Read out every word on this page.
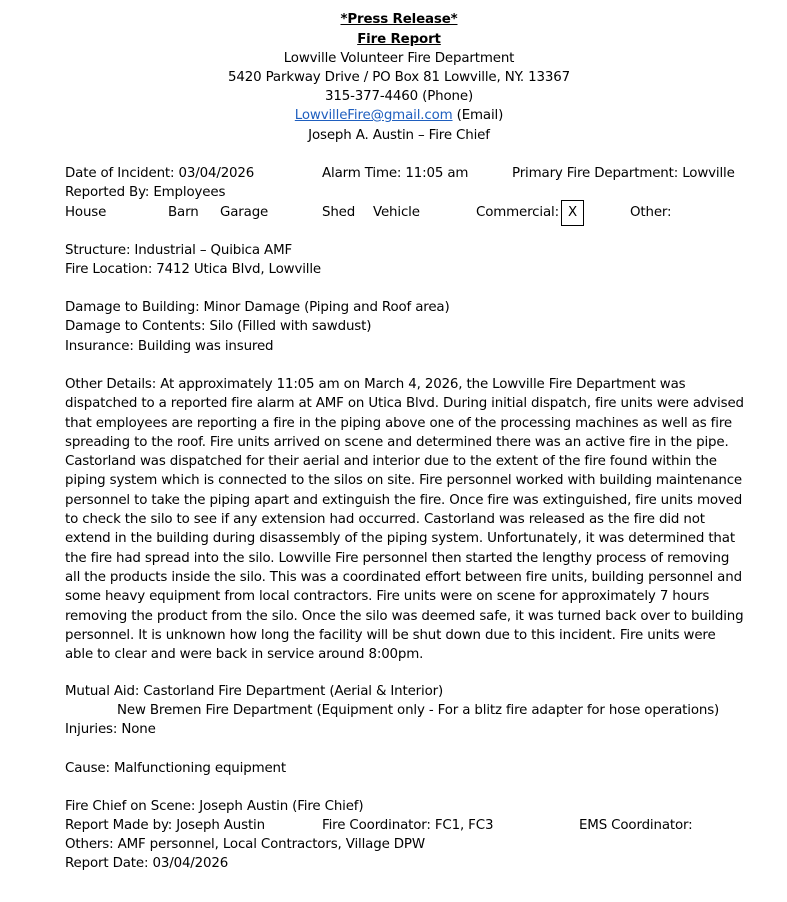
*Press Release*
Fire Report
Lowville Volunteer Fire Department
5420 Parkway Drive / PO Box 81 Lowville, NY. 13367
315-377-4460 (Phone)
LowvilleFire@gmail.com (Email)
Joseph A. Austin – Fire Chief
Date of Incident: 03/04/2026	Alarm Time: 11:05 am	Primary Fire Department: Lowville
Reported By: Employees
House	Barn Garage	Shed Vehicle	Commercial: X	Other:
Structure: Industrial – Quibica AMF
Fire Location: 7412 Utica Blvd, Lowville
Damage to Building: Minor Damage (Piping and Roof area)
Damage to Contents: Silo (Filled with sawdust)
Insurance: Building was insured
Other Details: At approximately 11:05 am on March 4, 2026, the Lowville Fire Department was
dispatched to a reported fire alarm at AMF on Utica Blvd. During initial dispatch, fire units were advised
that employees are reporting a fire in the piping above one of the processing machines as well as fire
spreading to the roof. Fire units arrived on scene and determined there was an active fire in the pipe.
Castorland was dispatched for their aerial and interior due to the extent of the fire found within the
piping system which is connected to the silos on site. Fire personnel worked with building maintenance
personnel to take the piping apart and extinguish the fire. Once fire was extinguished, fire units moved
to check the silo to see if any extension had occurred. Castorland was released as the fire did not
extend in the building during disassembly of the piping system. Unfortunately, it was determined that
the fire had spread into the silo. Lowville Fire personnel then started the lengthy process of removing
all the products inside the silo. This was a coordinated effort between fire units, building personnel and
some heavy equipment from local contractors. Fire units were on scene for approximately 7 hours
removing the product from the silo. Once the silo was deemed safe, it was turned back over to building
personnel. It is unknown how long the facility will be shut down due to this incident. Fire units were
able to clear and were back in service around 8:00pm.
Mutual Aid: Castorland Fire Department (Aerial & Interior)
New Bremen Fire Department (Equipment only - For a blitz fire adapter for hose operations)
Injuries: None
Cause: Malfunctioning equipment
Fire Chief on Scene: Joseph Austin (Fire Chief)
Report Made by: Joseph Austin	Fire Coordinator: FC1, FC3	EMS Coordinator:
Others: AMF personnel, Local Contractors, Village DPW
Report Date: 03/04/2026
